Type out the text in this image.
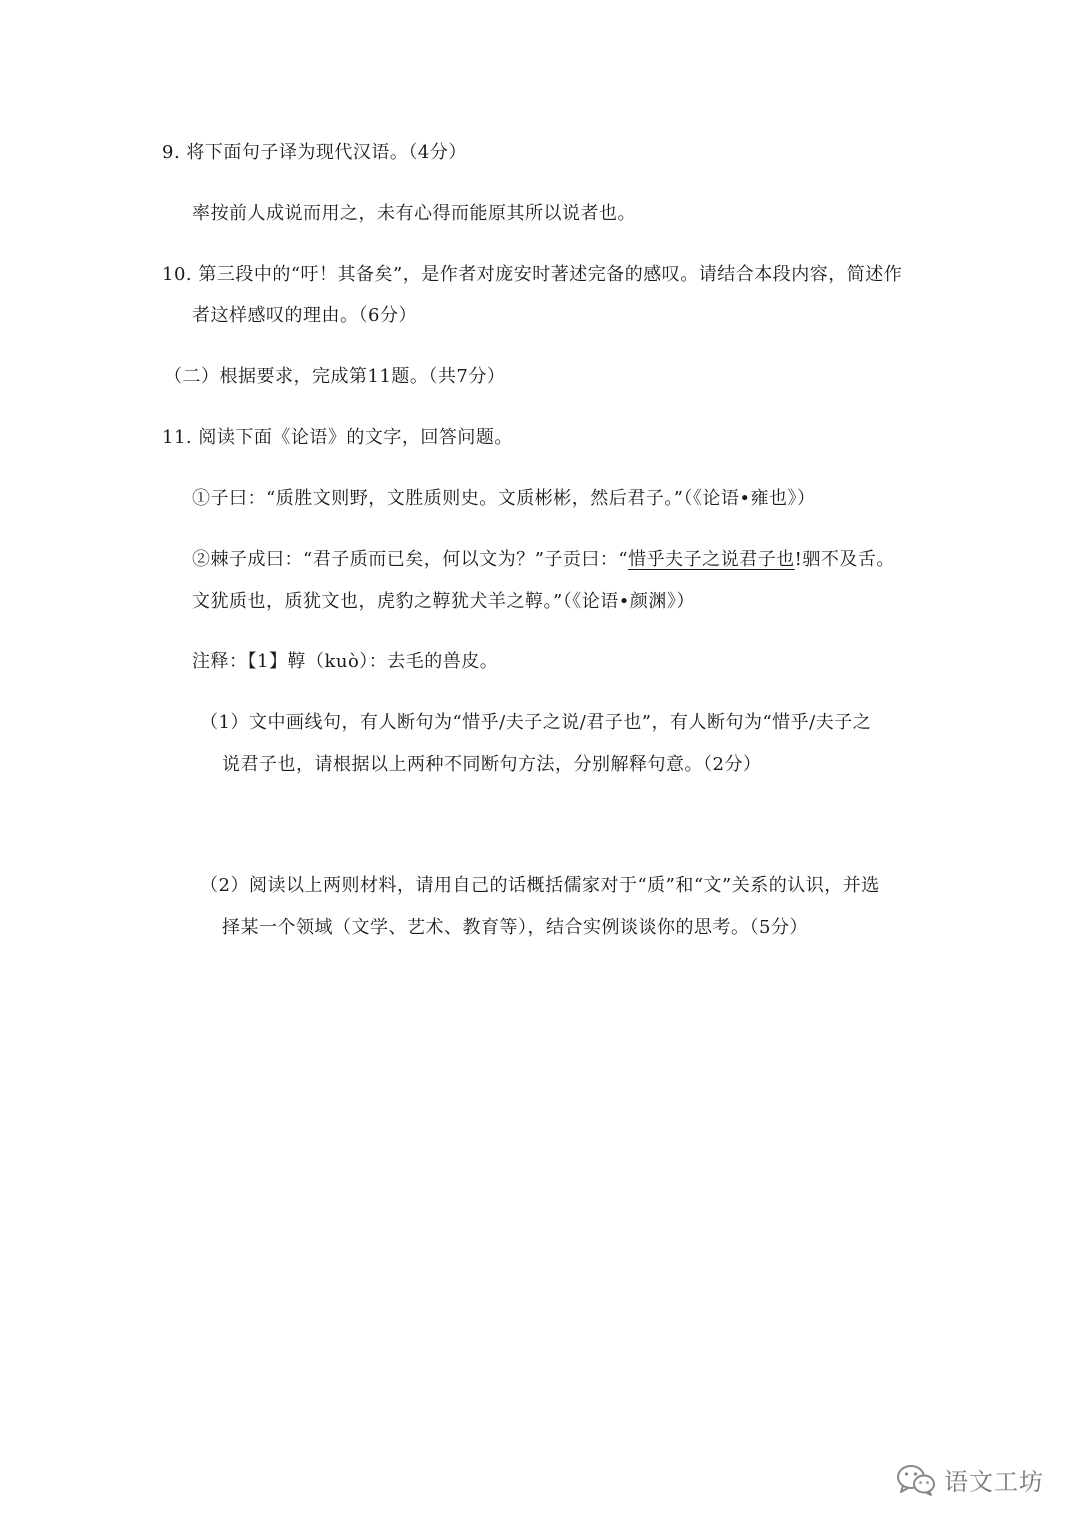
9. 将下面句子译为现代汉语。（4分）
率按前人成说而用之，未有心得而能原其所以说者也。
10. 第三段中的“吁！其备矣”，是作者对庞安时著述完备的感叹。请结合本段内容，简述作
者这样感叹的理由。（6分）
（二）根据要求，完成第11题。（共7分）
11. 阅读下面《论语》的文字，回答问题。
①子曰：“质胜文则野，文胜质则史。文质彬彬，然后君子。”（《论语•雍也》）
②棘子成曰：“君子质而已矣，何以文为？”子贡曰：“惜乎夫子之说君子也!驷不及舌。
文犹质也，质犹文也，虎豹之鞟犹犬羊之鞟。”（《论语•颜渊》）
注释：【1】鞟（kuò）：去毛的兽皮。
（1）文中画线句，有人断句为“惜乎/夫子之说/君子也”，有人断句为“惜乎/夫子之
说君子也，请根据以上两种不同断句方法，分别解释句意。（2分）
（2）阅读以上两则材料，请用自己的话概括儒家对于“质”和“文”关系的认识，并选
择某一个领域（文学、艺术、教育等），结合实例谈谈你的思考。（5分）
语文工坊
